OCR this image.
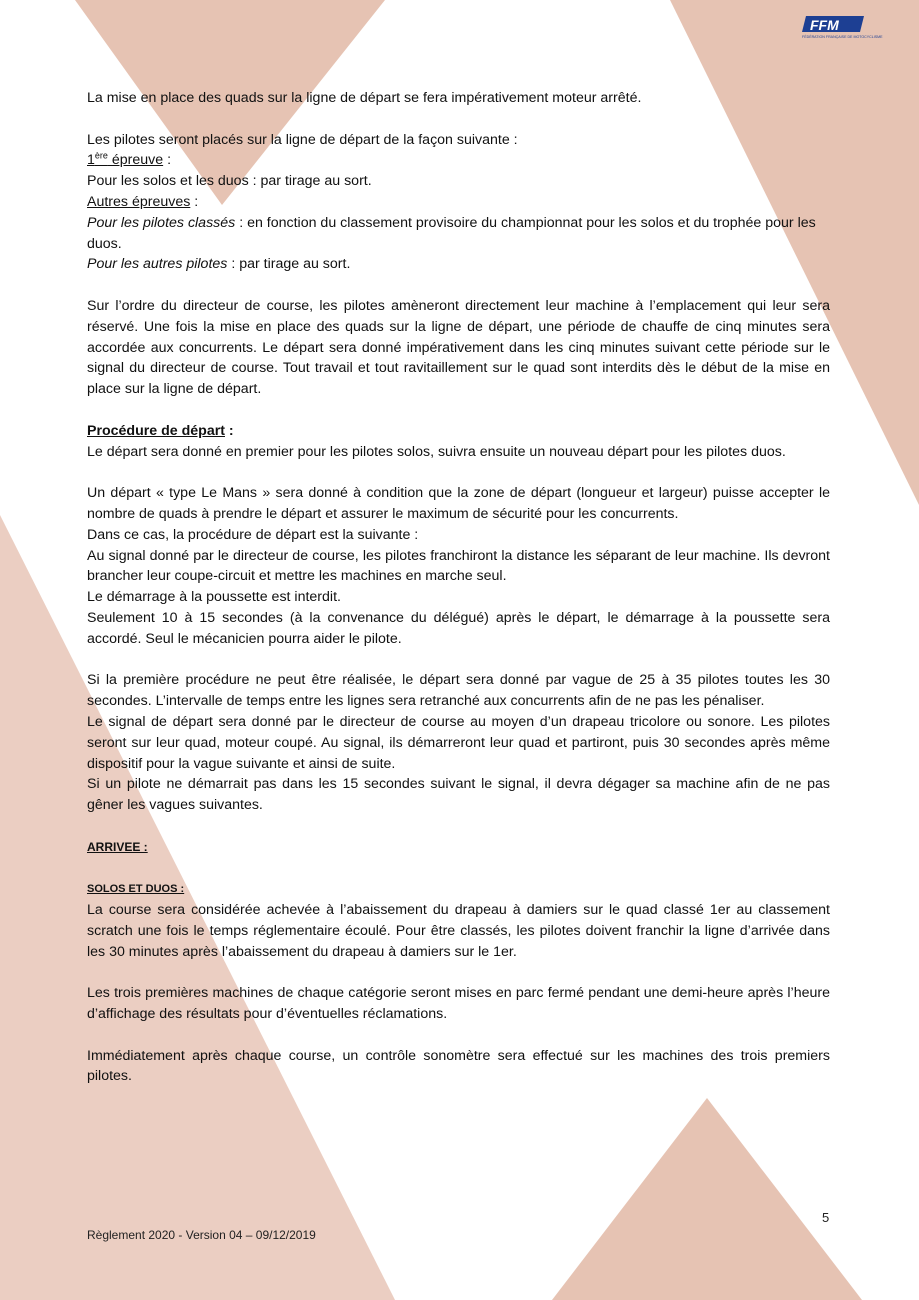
FFM
FÉDÉRATION FRANÇAISE DE MOTOCYCLISME

La mise en place des quads sur la ligne de départ se fera impérativement moteur arrêté.

Les pilotes seront placés sur la ligne de départ de la façon suivante :

1ère épreuve :

Pour les solos et les duos : par tirage au sort.

Autres épreuves :

Pour les pilotes classés : en fonction du classement provisoire du championnat pour les solos et du trophée pour les duos.

Pour les autres pilotes : par tirage au sort.

Sur l’ordre du directeur de course, les pilotes amèneront directement leur machine à l’emplacement qui leur sera réservé. Une fois la mise en place des quads sur la ligne de départ, une période de chauffe de cinq minutes sera accordée aux concurrents. Le départ sera donné impérativement dans les cinq minutes suivant cette période sur le signal du directeur de course. Tout travail et tout ravitaillement sur le quad sont interdits dès le début de la mise en place sur la ligne de départ.

Procédure de départ :

Le départ sera donné en premier pour les pilotes solos, suivra ensuite un nouveau départ pour les pilotes duos.

Un départ « type Le Mans » sera donné à condition que la zone de départ (longueur et largeur) puisse accepter le nombre de quads à prendre le départ et assurer le maximum de sécurité pour les concurrents.

Dans ce cas, la procédure de départ est la suivante :

Au signal donné par le directeur de course, les pilotes franchiront la distance les séparant de leur machine. Ils devront brancher leur coupe-circuit et mettre les machines en marche seul.

Le démarrage à la poussette est interdit.

Seulement 10 à 15 secondes (à la convenance du délégué) après le départ, le démarrage à la poussette sera accordé. Seul le mécanicien pourra aider le pilote.

Si la première procédure ne peut être réalisée, le départ sera donné par vague de 25 à 35 pilotes toutes les 30 secondes. L’intervalle de temps entre les lignes sera retranché aux concurrents afin de ne pas les pénaliser.

Le signal de départ sera donné par le directeur de course au moyen d’un drapeau tricolore ou sonore. Les pilotes seront sur leur quad, moteur coupé. Au signal, ils démarreront leur quad et partiront, puis 30 secondes après même dispositif pour la vague suivante et ainsi de suite.

Si un pilote ne démarrait pas dans les 15 secondes suivant le signal, il devra dégager sa machine afin de ne pas gêner les vagues suivantes.

ARRIVEE :

SOLOS ET DUOS :

La course sera considérée achevée à l’abaissement du drapeau à damiers sur le quad classé 1er au classement scratch une fois le temps réglementaire écoulé. Pour être classés, les pilotes doivent franchir la ligne d’arrivée dans les 30 minutes après l’abaissement du drapeau à damiers sur le 1er.

Les trois premières machines de chaque catégorie seront mises en parc fermé pendant une demi-heure après l’heure d’affichage des résultats pour d’éventuelles réclamations.

Immédiatement après chaque course, un contrôle sonomètre sera effectué sur les machines des trois premiers pilotes.

5
Règlement 2020 - Version 04 – 09/12/2019
